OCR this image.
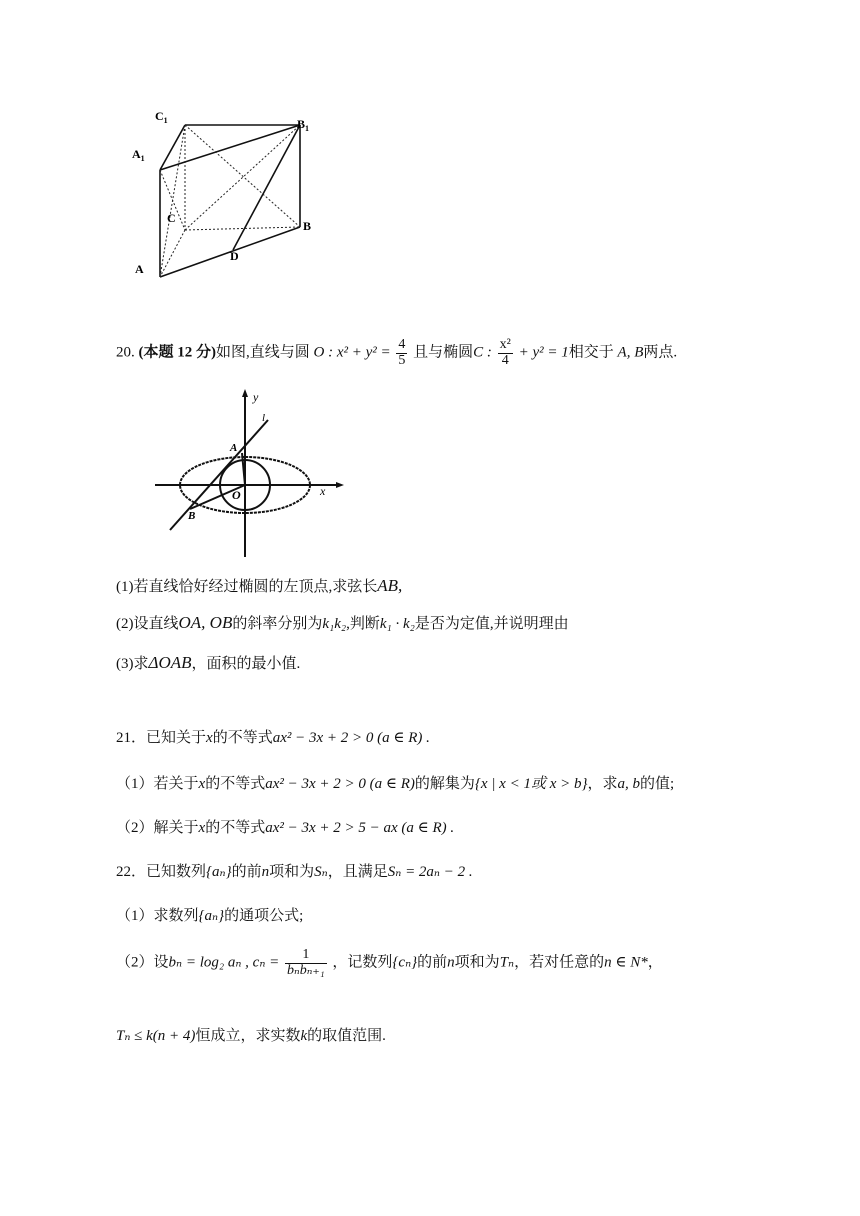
$C_1$	$B_1$
$A_1$
C
B
A
D
20. (本题 12 分)如图,直线与圆 O : $x^2 + y^2 = \frac{4}{5}$ 且与椭圆C : $\frac{\text{x²}}{4} + y^2 = 1$相交于 A, B两点.
y
x
O
A
B
l
(1)若直线恰好经过椭圆的左顶点,求弦长AB,
(2)设直线OA, OB的斜率分别为k₁k₂,判断k₁ · k₂是否为定值,并说明理由
(3)求ΔOAB，面积的最小值.
21．已知关于x的不等式ax² − 3x + 2 > 0 (a ∈ R) .
（1）若关于x的不等式ax² − 3x + 2 > 0 (a ∈ R)的解集为{x | x < 1或 x > b}，求a, b的值;
（2）解关于x的不等式ax² − 3x + 2 > 5 − ax (a ∈ R) .
22．已知数列{aₙ}的前n项和为Sₙ，且满足Sₙ = 2aₙ − 2 .
（1）求数列{aₙ}的通项公式;
（2）设bₙ = log₂ aₙ , $c_n = \frac{1}{\text{bₙbₙ₊₁}}$ ，记数列{cₙ}的前n项和为Tₙ，若对任意的n ∈ N*，
Tₙ ≤ k(n + 4)恒成立，求实数k的取值范围.
